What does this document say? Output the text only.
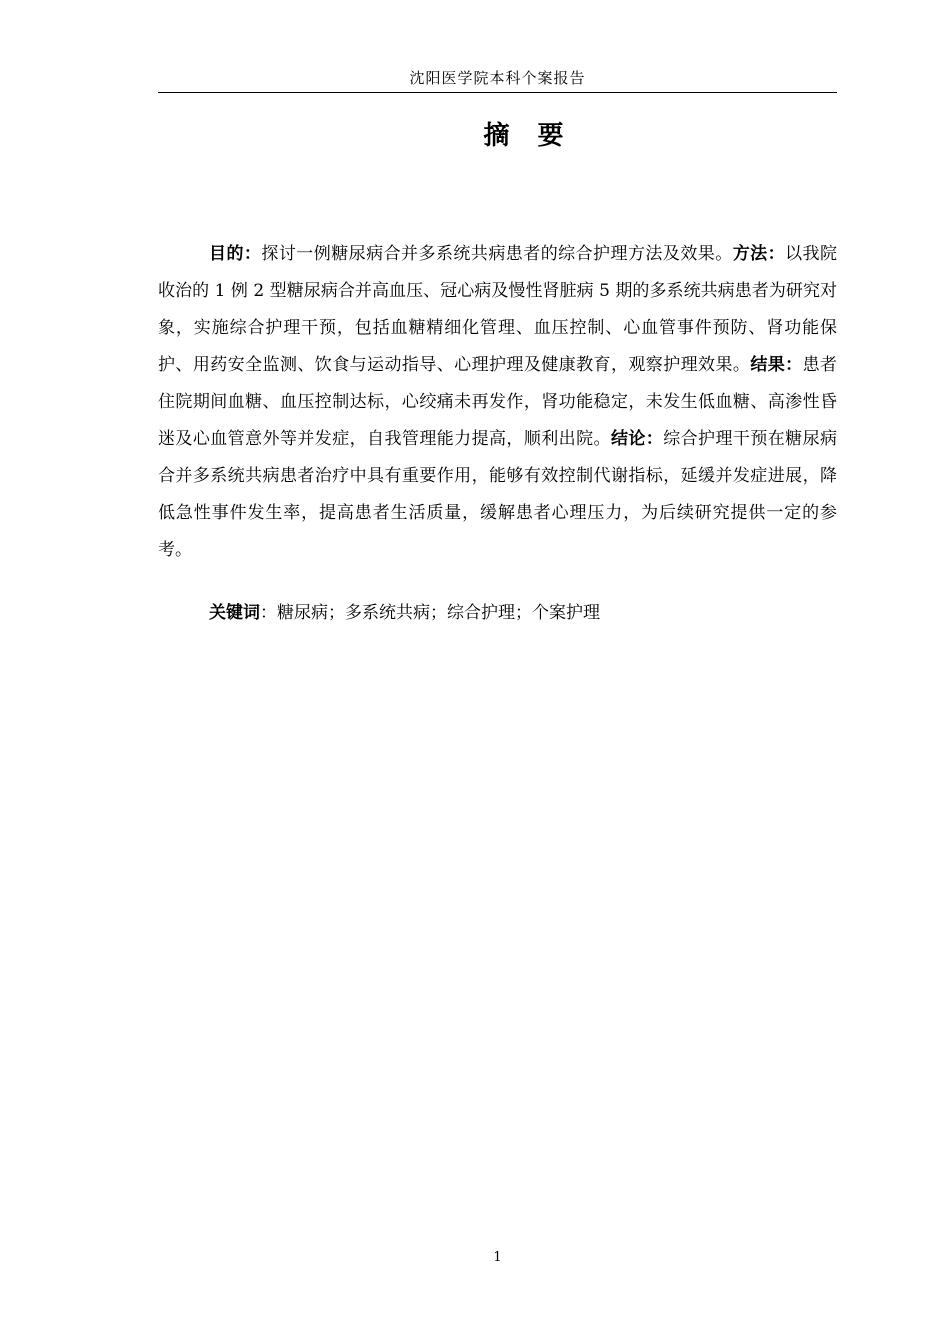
沈阳医学院本科个案报告
摘 要

目的：探讨一例糖尿病合并多系统共病患者的综合护理方法及效果。方法：以我院收治的 1 例 2 型糖尿病合并高血压、冠心病及慢性肾脏病 5 期的多系统共病患者为研究对象，实施综合护理干预，包括血糖精细化管理、血压控制、心血管事件预防、肾功能保护、用药安全监测、饮食与运动指导、心理护理及健康教育，观察护理效果。结果：患者住院期间血糖、血压控制达标，心绞痛未再发作，肾功能稳定，未发生低血糖、高渗性昏迷及心血管意外等并发症，自我管理能力提高，顺利出院。结论：综合护理干预在糖尿病合并多系统共病患者治疗中具有重要作用，能够有效控制代谢指标，延缓并发症进展，降低急性事件发生率，提高患者生活质量，缓解患者心理压力，为后续研究提供一定的参考。

关键词：糖尿病；多系统共病；综合护理；个案护理

1
